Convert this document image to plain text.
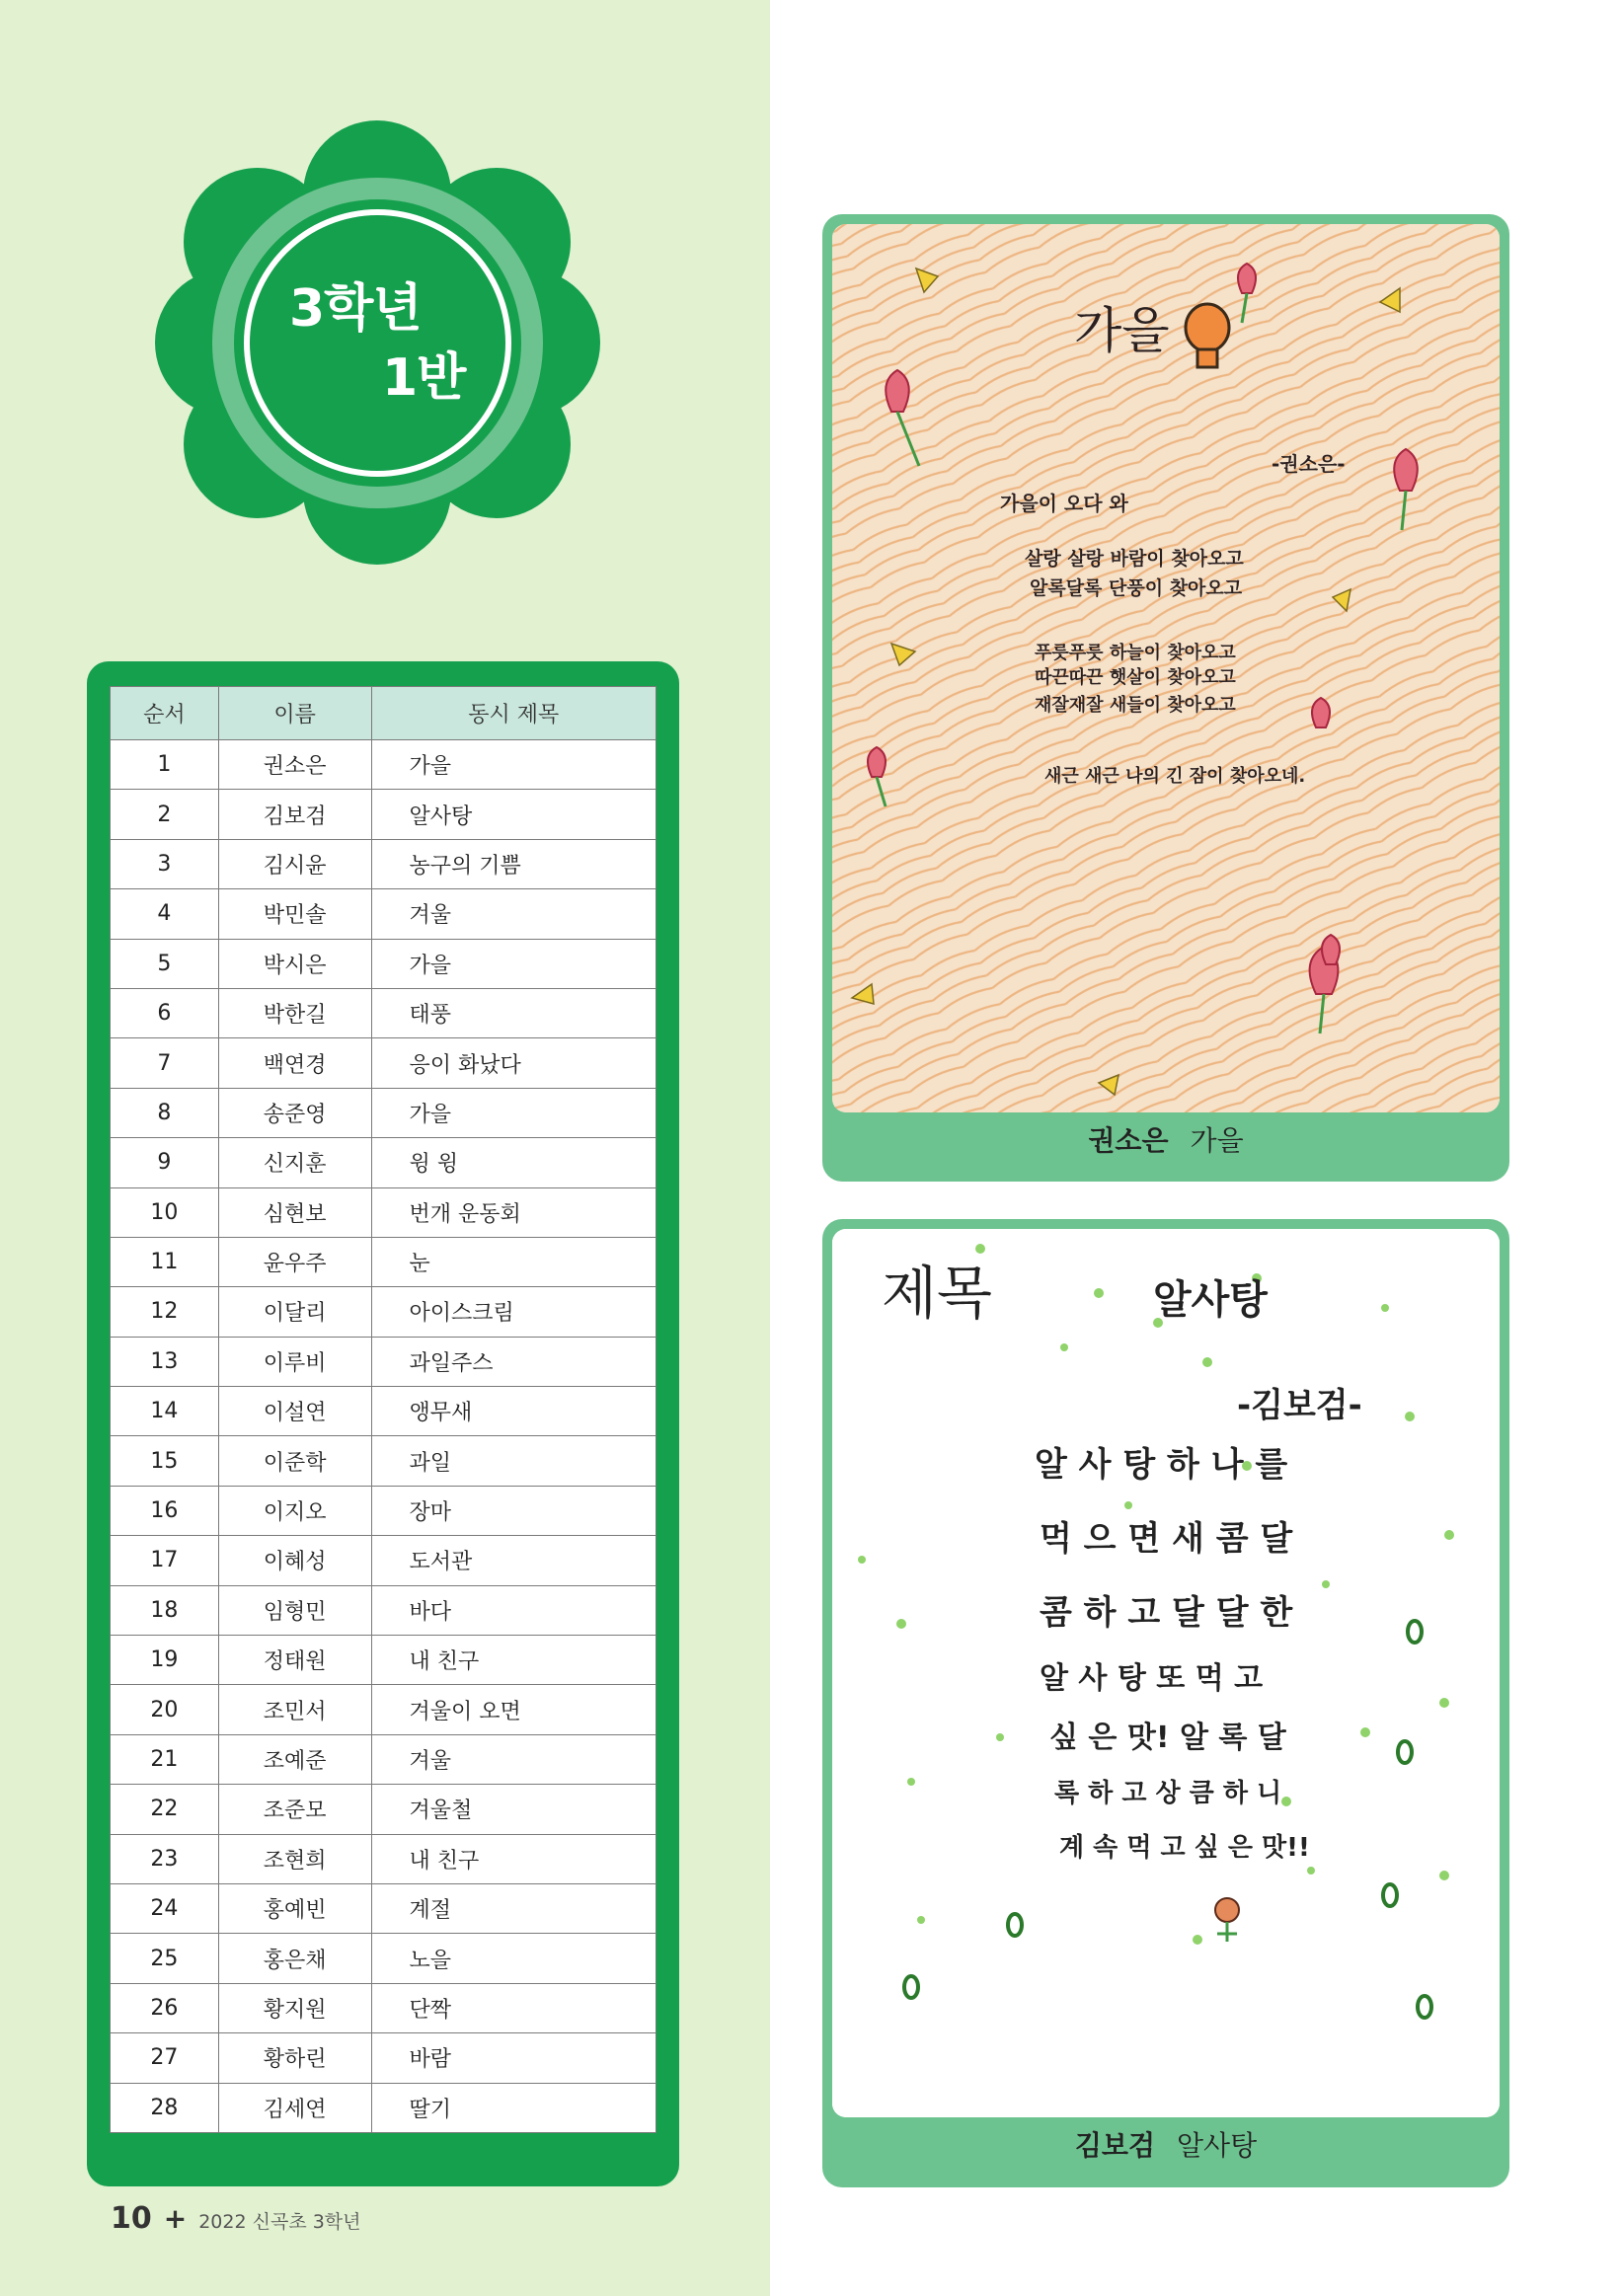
3학년
1반
순서	이름	동시 제목
1	권소은	가을
2	김보검	알사탕
3	김시윤	농구의 기쁨
4	박민솔	겨울
5	박시은	가을
6	박한길	태풍
7	백연경	응이 화났다
8	송준영	가을
9	신지훈	윙 윙
10	심현보	번개 운동회
11	윤우주	눈
12	이달리	아이스크림
13	이루비	과일주스
14	이설연	앵무새
15	이준학	과일
16	이지오	장마
17	이혜성	도서관
18	임형민	바다
19	정태원	내 친구
20	조민서	겨울이 오면
21	조예준	겨울
22	조준모	겨울철
23	조현희	내 친구
24	홍예빈	계절
25	홍은채	노을
26	황지원	단짝
27	황하린	바람
28	김세연	딸기
10 + 2022 신곡초 3학년
가을
-권소은-
가을이 오다 와
살랑 살랑 바람이 찾아오고
알록달록 단풍이 찾아오고
푸릇푸릇 하늘이 찾아오고
따끈따끈 햇살이 찾아오고
재잘재잘 새들이 찾아오고
새근 새근 나의 긴 잠이 찾아오네.
권소은 가을
제목	알사탕
-김보검-
알 사 탕 하 나 를
먹 으 면 새 콤 달
콤 하 고 달 달 한
알 사 탕 또 먹 고
싶 은 맛! 알 록 달
록 하 고 상 큼 하 니
계 속 먹 고 싶 은 맛!!
김보검 알사탕
